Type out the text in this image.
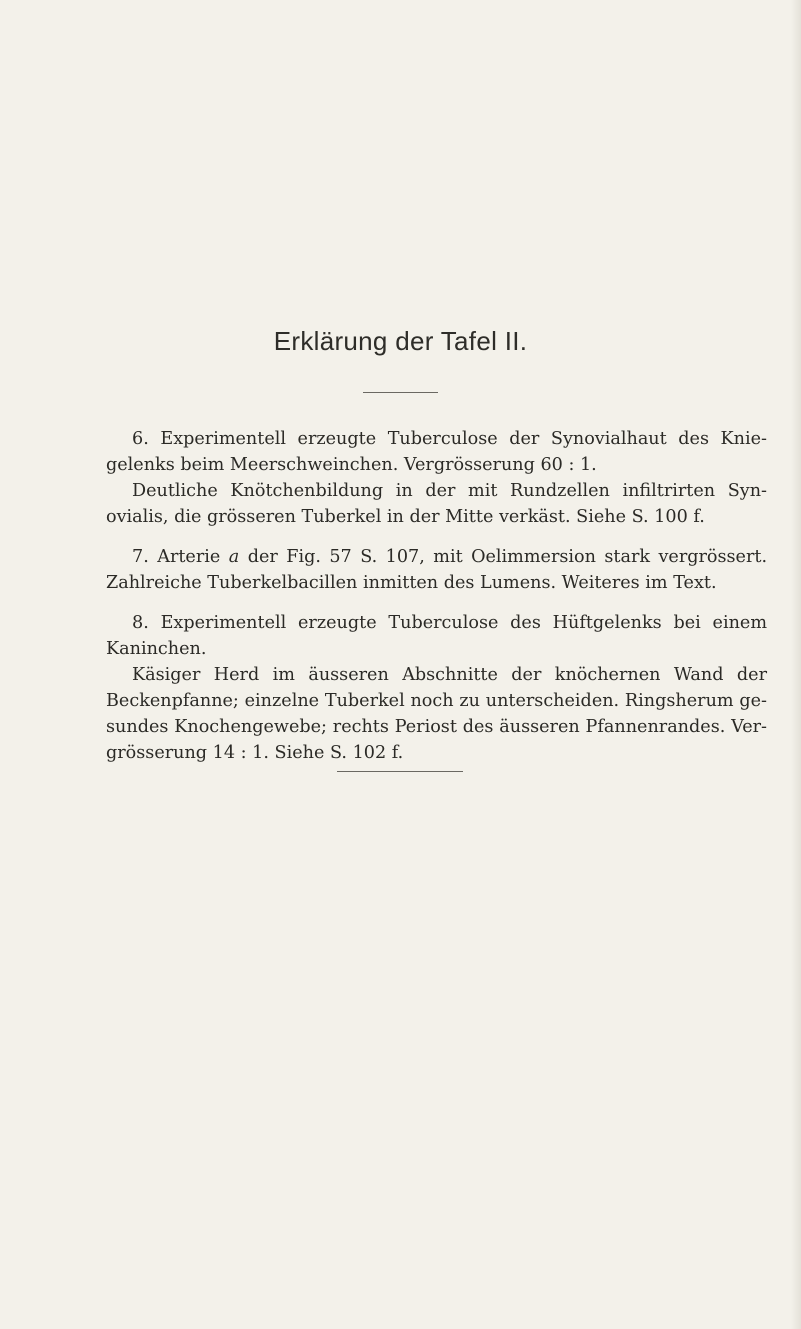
Erklärung der Tafel II.

6. Experimentell erzeugte Tuberculose der Synovialhaut des Knie-gelenks beim Meerschweinchen. Vergrösserung 60 : 1.

Deutliche Knötchenbildung in der mit Rundzellen infiltrirten Syn-ovialis, die grösseren Tuberkel in der Mitte verkäst. Siehe S. 100 f.

7. Arterie a der Fig. 57 S. 107, mit Oelimmersion stark vergrössert. Zahlreiche Tuberkelbacillen inmitten des Lumens. Weiteres im Text.

8. Experimentell erzeugte Tuberculose des Hüftgelenks bei einem Kaninchen.

Käsiger Herd im äusseren Abschnitte der knöchernen Wand der Beckenpfanne; einzelne Tuberkel noch zu unterscheiden. Ringsherum ge-sundes Knochengewebe; rechts Periost des äusseren Pfannenrandes. Ver-grösserung 14 : 1. Siehe S. 102 f.
